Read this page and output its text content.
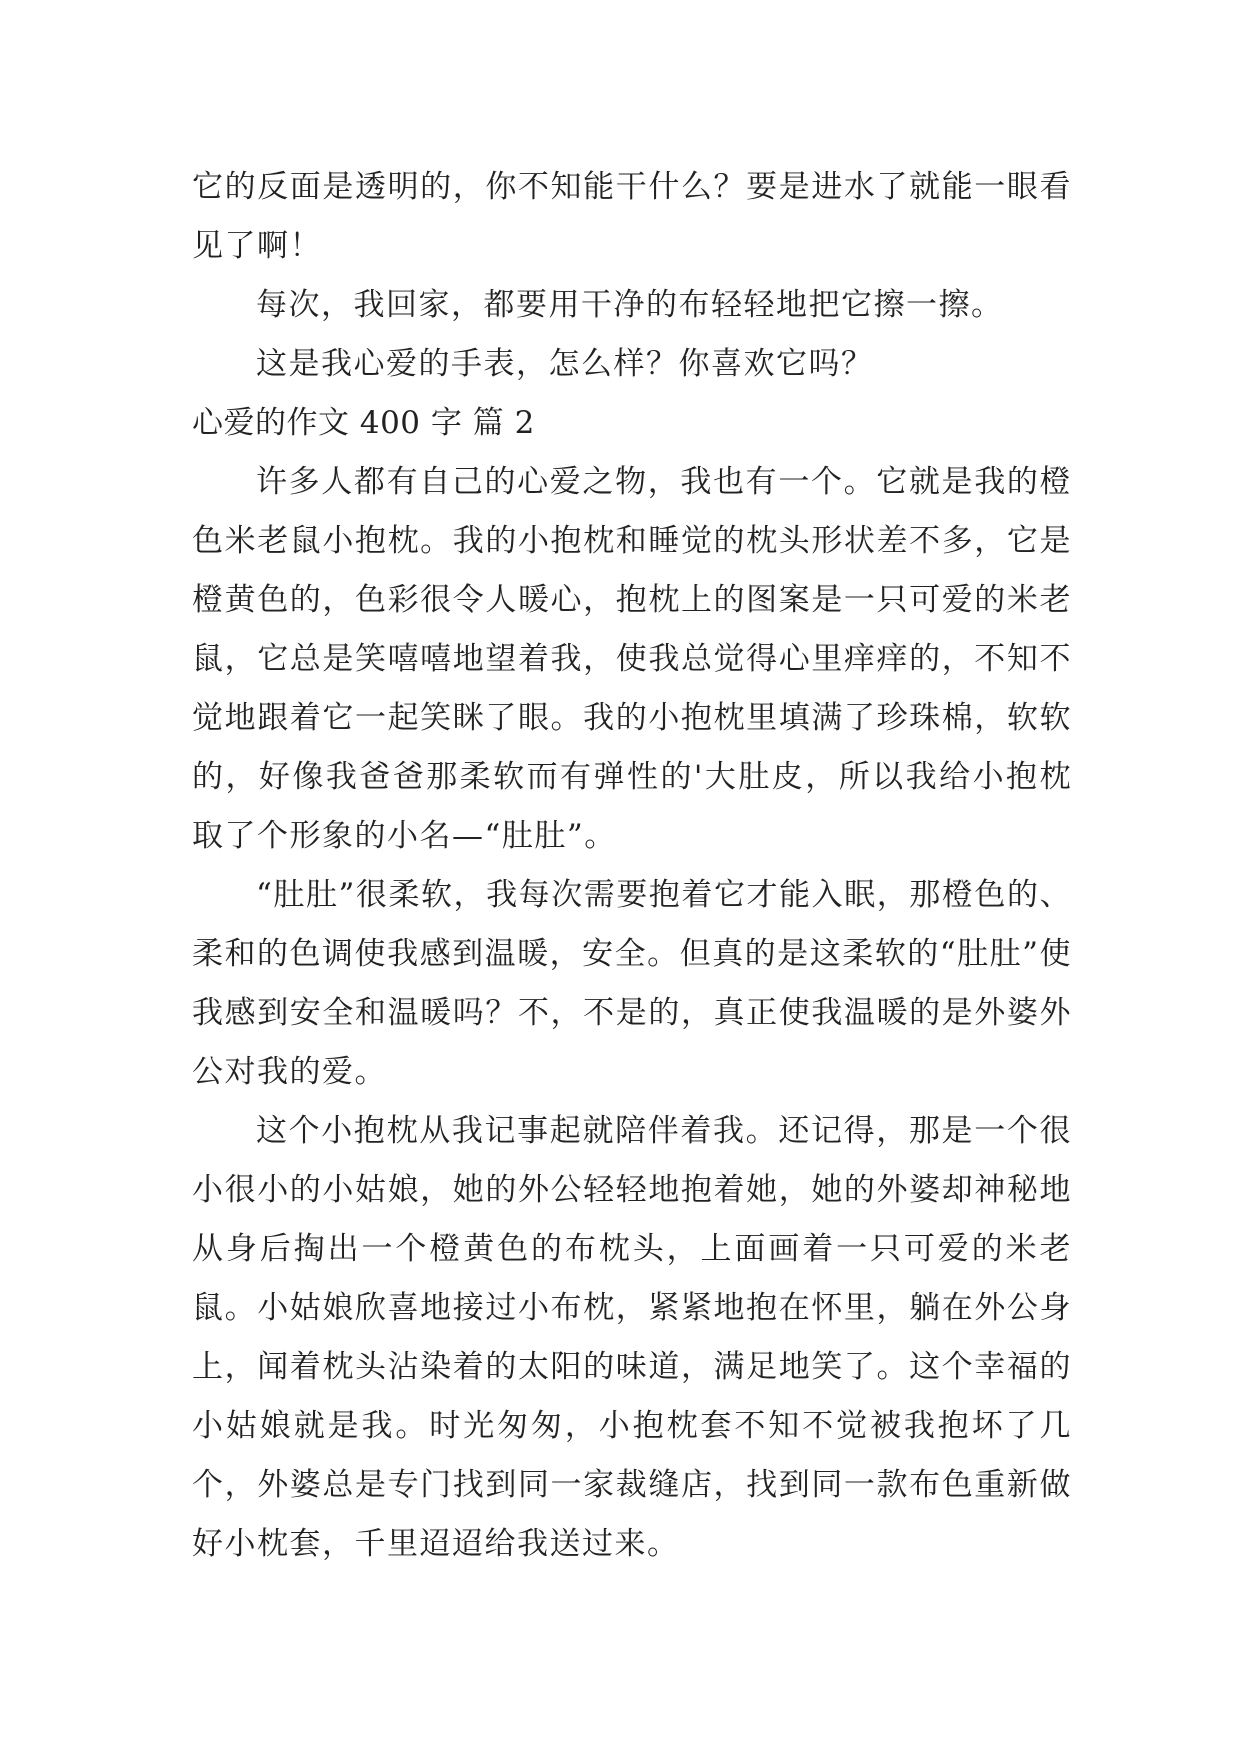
它的反面是透明的，你不知能干什么？要是进水了就能一眼看见了啊！

每次，我回家，都要用干净的布轻轻地把它擦一擦。

这是我心爱的手表，怎么样？你喜欢它吗？

心爱的作文 400 字 篇 2

许多人都有自己的心爱之物，我也有一个。它就是我的橙色米老鼠小抱枕。我的小抱枕和睡觉的枕头形状差不多，它是橙黄色的，色彩很令人暖心，抱枕上的图案是一只可爱的米老鼠，它总是笑嘻嘻地望着我，使我总觉得心里痒痒的，不知不觉地跟着它一起笑眯了眼。我的小抱枕里填满了珍珠棉，软软的，好像我爸爸那柔软而有弹性的'大肚皮，所以我给小抱枕取了个形象的小名—“肚肚”。

“肚肚”很柔软，我每次需要抱着它才能入眠，那橙色的、柔和的色调使我感到温暖，安全。但真的是这柔软的“肚肚”使我感到安全和温暖吗？不，不是的，真正使我温暖的是外婆外公对我的爱。

这个小抱枕从我记事起就陪伴着我。还记得，那是一个很小很小的小姑娘，她的外公轻轻地抱着她，她的外婆却神秘地从身后掏出一个橙黄色的布枕头，上面画着一只可爱的米老鼠。小姑娘欣喜地接过小布枕，紧紧地抱在怀里，躺在外公身上，闻着枕头沾染着的太阳的味道，满足地笑了。这个幸福的小姑娘就是我。时光匆匆，小抱枕套不知不觉被我抱坏了几个，外婆总是专门找到同一家裁缝店，找到同一款布色重新做好小枕套，千里迢迢给我送过来。
